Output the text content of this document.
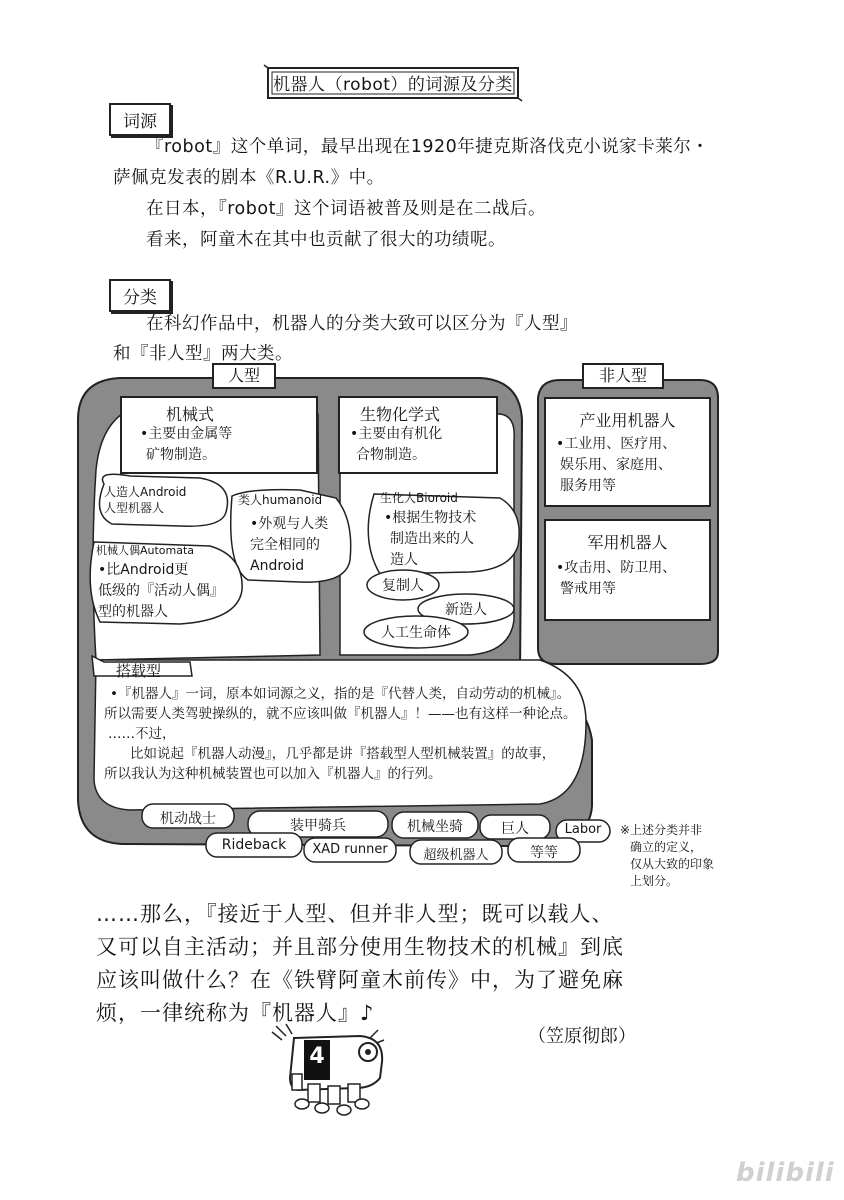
机器人（robot）的词源及分类
词源
『robot』这个单词，最早出现在1920年捷克斯洛伐克小说家卡莱尔・
萨佩克发表的剧本《R.U.R.》中。
在日本，『robot』这个词语被普及则是在二战后。
看来，阿童木在其中也贡献了很大的功绩呢。
分类
在科幻作品中，机器人的分类大致可以区分为『人型』
和『非人型』两大类。
人型	非人型
机械式
•主要由金属等
矿物制造。
生物化学式
•主要由有机化
合物制造。
人造人Android
人型机器人
类人humanoid
•外观与人类
完全相同的
Android
机械人偶Automata
•比Android更
低级的『活动人偶』
型的机器人
生化人Bioroid
•根据生物技术
制造出来的人
造人
复制人
新造人
人工生命体
产业用机器人
•工业用、医疗用、
娱乐用、家庭用、
服务用等
军用机器人
•攻击用、防卫用、
警戒用等
搭载型
•『机器人』一词，原本如词源之义，指的是『代替人类，自动劳动的机械』。
所以需要人类驾驶操纵的，就不应该叫做『机器人』！——也有这样一种论点。
……不过，
比如说起『机器人动漫』，几乎都是讲『搭载型人型机械装置』的故事，
所以我认为这种机械装置也可以加入『机器人』的行列。
机动战士	装甲骑兵	机械坐骑	巨人	Labor
Rideback	XAD runner	超级机器人	等等
※上述分类并非
确立的定义，
仅从大致的印象
上划分。
……那么，『接近于人型、但并非人型；既可以载人、
又可以自主活动；并且部分使用生物技术的机械』到底
应该叫做什么？在《铁臂阿童木前传》中，为了避免麻
烦，一律统称为『机器人』♪
（笠原彻郎）
4
bilibili
